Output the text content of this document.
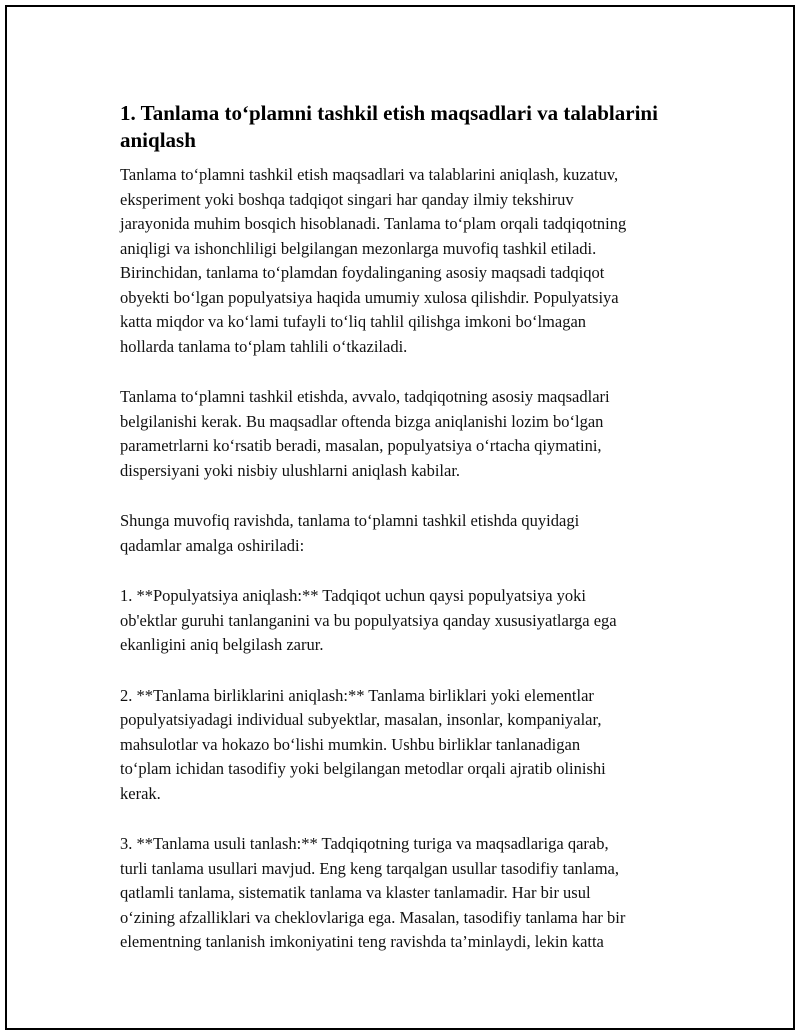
1. Tanlama to‘plamni tashkil etish maqsadlari va talablarini
aniqlash

Tanlama to‘plamni tashkil etish maqsadlari va talablarini aniqlash, kuzatuv,
eksperiment yoki boshqa tadqiqot singari har qanday ilmiy tekshiruv
jarayonida muhim bosqich hisoblanadi. Tanlama to‘plam orqali tadqiqotning
aniqligi va ishonchliligi belgilangan mezonlarga muvofiq tashkil etiladi.
Birinchidan, tanlama to‘plamdan foydalinganing asosiy maqsadi tadqiqot
obyekti bo‘lgan populyatsiya haqida umumiy xulosa qilishdir. Populyatsiya
katta miqdor va ko‘lami tufayli to‘liq tahlil qilishga imkoni bo‘lmagan
hollarda tanlama to‘plam tahlili o‘tkaziladi.

Tanlama to‘plamni tashkil etishda, avvalo, tadqiqotning asosiy maqsadlari
belgilanishi kerak. Bu maqsadlar oftenda bizga aniqlanishi lozim bo‘lgan
parametrlarni ko‘rsatib beradi, masalan, populyatsiya o‘rtacha qiymatini,
dispersiyani yoki nisbiy ulushlarni aniqlash kabilar.

Shunga muvofiq ravishda, tanlama to‘plamni tashkil etishda quyidagi
qadamlar amalga oshiriladi:

1. **Populyatsiya aniqlash:** Tadqiqot uchun qaysi populyatsiya yoki
ob'ektlar guruhi tanlanganini va bu populyatsiya qanday xususiyatlarga ega
ekanligini aniq belgilash zarur.

2. **Tanlama birliklarini aniqlash:** Tanlama birliklari yoki elementlar
populyatsiyadagi individual subyektlar, masalan, insonlar, kompaniyalar,
mahsulotlar va hokazo bo‘lishi mumkin. Ushbu birliklar tanlanadigan
to‘plam ichidan tasodifiy yoki belgilangan metodlar orqali ajratib olinishi
kerak.

3. **Tanlama usuli tanlash:** Tadqiqotning turiga va maqsadlariga qarab,
turli tanlama usullari mavjud. Eng keng tarqalgan usullar tasodifiy tanlama,
qatlamli tanlama, sistematik tanlama va klaster tanlamadir. Har bir usul
o‘zining afzalliklari va cheklovlariga ega. Masalan, tasodifiy tanlama har bir
elementning tanlanish imkoniyatini teng ravishda ta’minlaydi, lekin katta
